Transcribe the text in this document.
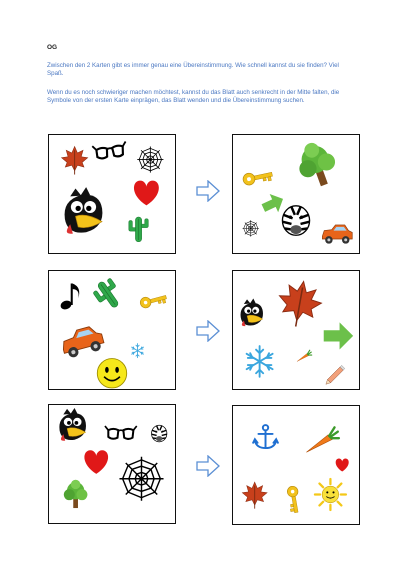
OG
Zwischen den 2 Karten gibt es immer genau eine Übereinstimmung. Wie schnell kannst du sie finden? Viel Spaß.
Wenn du es noch schwieriger machen möchtest, kannst du das Blatt auch senkrecht in der Mitte falten, die Symbole von der ersten Karte einprägen, das Blatt wenden und die Übereinstimmung suchen.
